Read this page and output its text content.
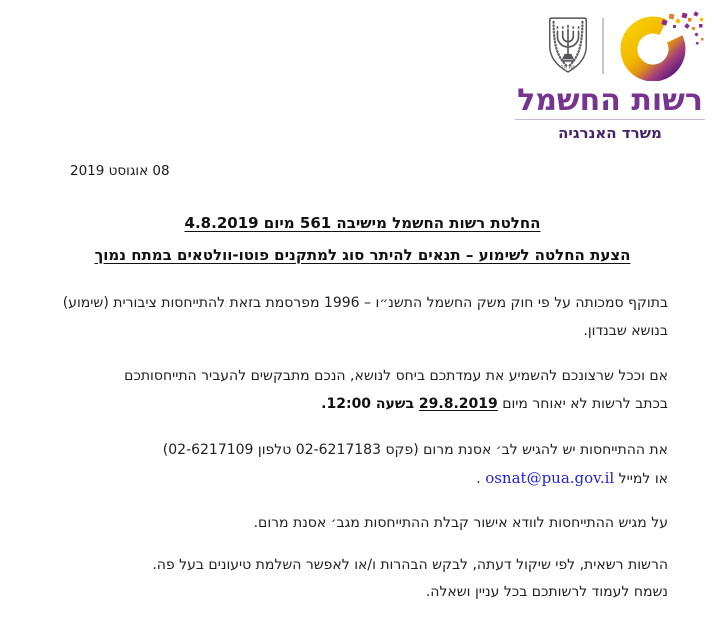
ישראל
רשות החשמל
משרד האנרגיה
08 אוגוסט 2019
החלטת רשות החשמל מישיבה 561 מיום 4.8.2019
הצעת החלטה לשימוע – תנאים להיתר סוג למתקנים פוטו-וולטאים במתח נמוך
בתוקף סמכותה על פי חוק משק החשמל התשנ״ו – 1996 מפרסמת בזאת להתייחסות ציבורית (שימוע)
בנושא שבנדון.
אם וככל שרצונכם להשמיע את עמדתכם ביחס לנושא, הנכם מתבקשים להעביר התייחסותכם
בכתב לרשות לא יאוחר מיום 29.8.2019 בשעה 12:00.
את ההתייחסות יש להגיש לב׳ אסנת מרום (פקס 02-6217183 טלפון 02-6217109)
או למייל osnat@pua.gov.il .
על מגיש ההתייחסות לוודא אישור קבלת ההתייחסות מגב׳ אסנת מרום.
הרשות רשאית, לפי שיקול דעתה, לבקש הבהרות ו/או לאפשר השלמת טיעונים בעל פה.
נשמח לעמוד לרשותכם בכל עניין ושאלה.
